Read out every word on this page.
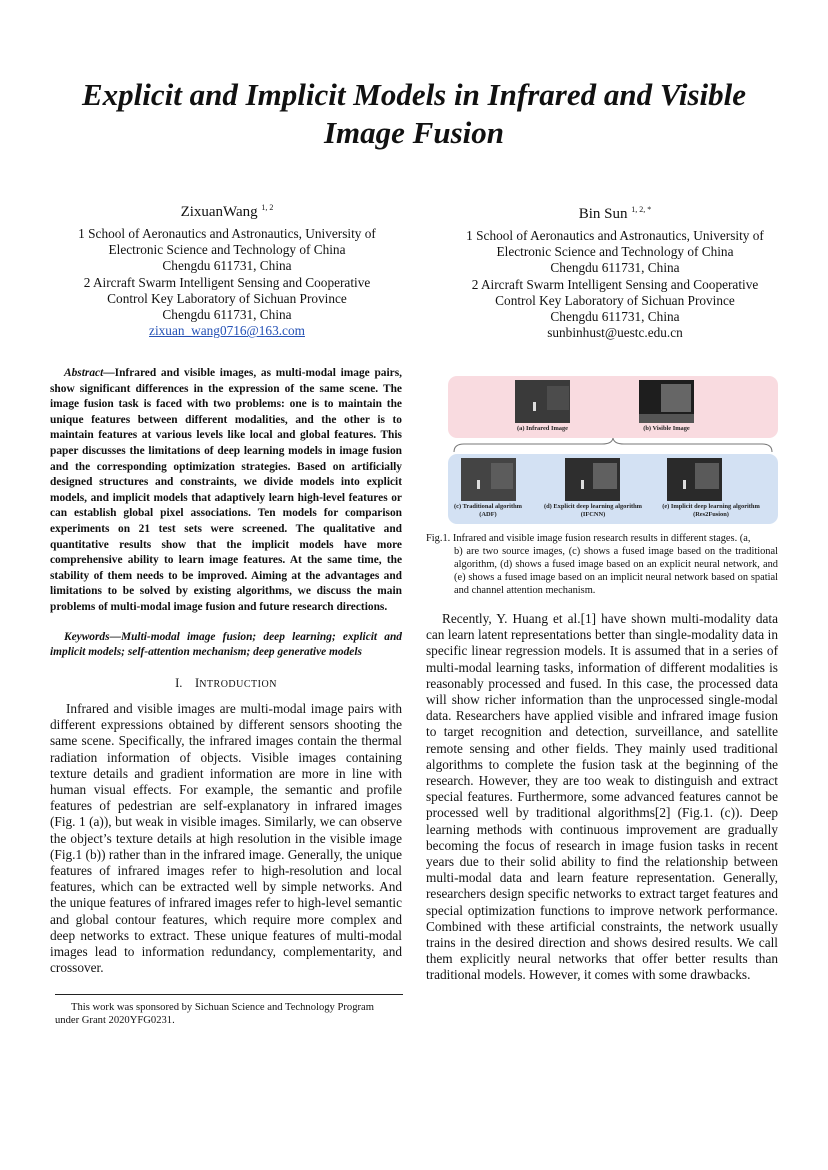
Explicit and Implicit Models in Infrared and Visible
Image Fusion
ZixuanWang $^{1, 2}$
1 School of Aeronautics and Astronautics, University of
Electronic Science and Technology of China
Chengdu 611731, China
2 Aircraft Swarm Intelligent Sensing and Cooperative
Control Key Laboratory of Sichuan Province
Chengdu 611731, China
zixuan_wang0716@163.com
Bin Sun $^{1, 2, *}$
1 School of Aeronautics and Astronautics, University of
Electronic Science and Technology of China
Chengdu 611731, China
2 Aircraft Swarm Intelligent Sensing and Cooperative
Control Key Laboratory of Sichuan Province
Chengdu 611731, China
sunbinhust@uestc.edu.cn

Abstract—Infrared and visible images, as multi-modal image pairs, show significant differences in the expression of the same scene. The image fusion task is faced with two problems: one is to maintain the unique features between different modalities, and the other is to maintain features at various levels like local and global features. This paper discusses the limitations of deep learning models in image fusion and the corresponding optimization strategies. Based on artificially designed structures and constraints, we divide models into explicit models, and implicit models that adaptively learn high-level features or can establish global pixel associations. Ten models for comparison experiments on 21 test sets were screened. The qualitative and quantitative results show that the implicit models have more comprehensive ability to learn image features. At the same time, the stability of them needs to be improved. Aiming at the advantages and limitations to be solved by existing algorithms, we discuss the main problems of multi-modal image fusion and future research directions.

Keywords—Multi-modal image fusion; deep learning; explicit and implicit models; self-attention mechanism; deep generative models

I. INTRODUCTION

Infrared and visible images are multi-modal image pairs with different expressions obtained by different sensors shooting the same scene. Specifically, the infrared images contain the thermal radiation information of objects. Visible images containing texture details and gradient information are more in line with human visual effects. For example, the semantic and profile features of pedestrian are self-explanatory in infrared images (Fig. 1 (a)), but weak in visible images. Similarly, we can observe the object’s texture details at high resolution in the visible image (Fig.1 (b)) rather than in the infrared image. Generally, the unique features of infrared images refer to high-resolution and local features, which can be extracted well by simple networks. And the unique features of infrared images refer to high-level semantic and global contour features, which require more complex and deep networks to extract. These unique features of multi-modal images lead to information redundancy, complementarity, and crossover.

This work was sponsored by Sichuan Science and Technology Program
under Grant 2020YFG0231.
(a) Infrared Image	(b) Visible Image
(c) Traditional algorithm
(ADF)
(d) Explicit deep learning algorithm
(IFCNN)
(e) Implicit deep learning algorithm
(Res2Fusion)
Fig.1. Infrared and visible image fusion research results in different stages. (a,
b) are two source images, (c) shows a fused image based on the traditional algorithm, (d) shows a fused image based on an explicit neural network, and (e) shows a fused image based on an implicit neural network based on spatial and channel attention mechanism.

Recently, Y. Huang et al.[1] have shown multi-modality data can learn latent representations better than single-modality data in specific linear regression models. It is assumed that in a series of multi-modal learning tasks, information of different modalities is reasonably processed and fused. In this case, the processed data will show richer information than the unprocessed single-modal data. Researchers have applied visible and infrared image fusion to target recognition and detection, surveillance, and satellite remote sensing and other fields. They mainly used traditional algorithms to complete the fusion task at the beginning of the research. However, they are too weak to distinguish and extract special features. Furthermore, some advanced features cannot be processed well by traditional algorithms[2] (Fig.1. (c)). Deep learning methods with continuous improvement are gradually becoming the focus of research in image fusion tasks in recent years due to their solid ability to find the relationship between multi-modal data and learn feature representation. Generally, researchers design specific networks to extract target features and special optimization functions to improve network performance. Combined with these artificial constraints, the network usually trains in the desired direction and shows desired results. We call them explicitly neural networks that offer better results than traditional models. However, it comes with some drawbacks.
